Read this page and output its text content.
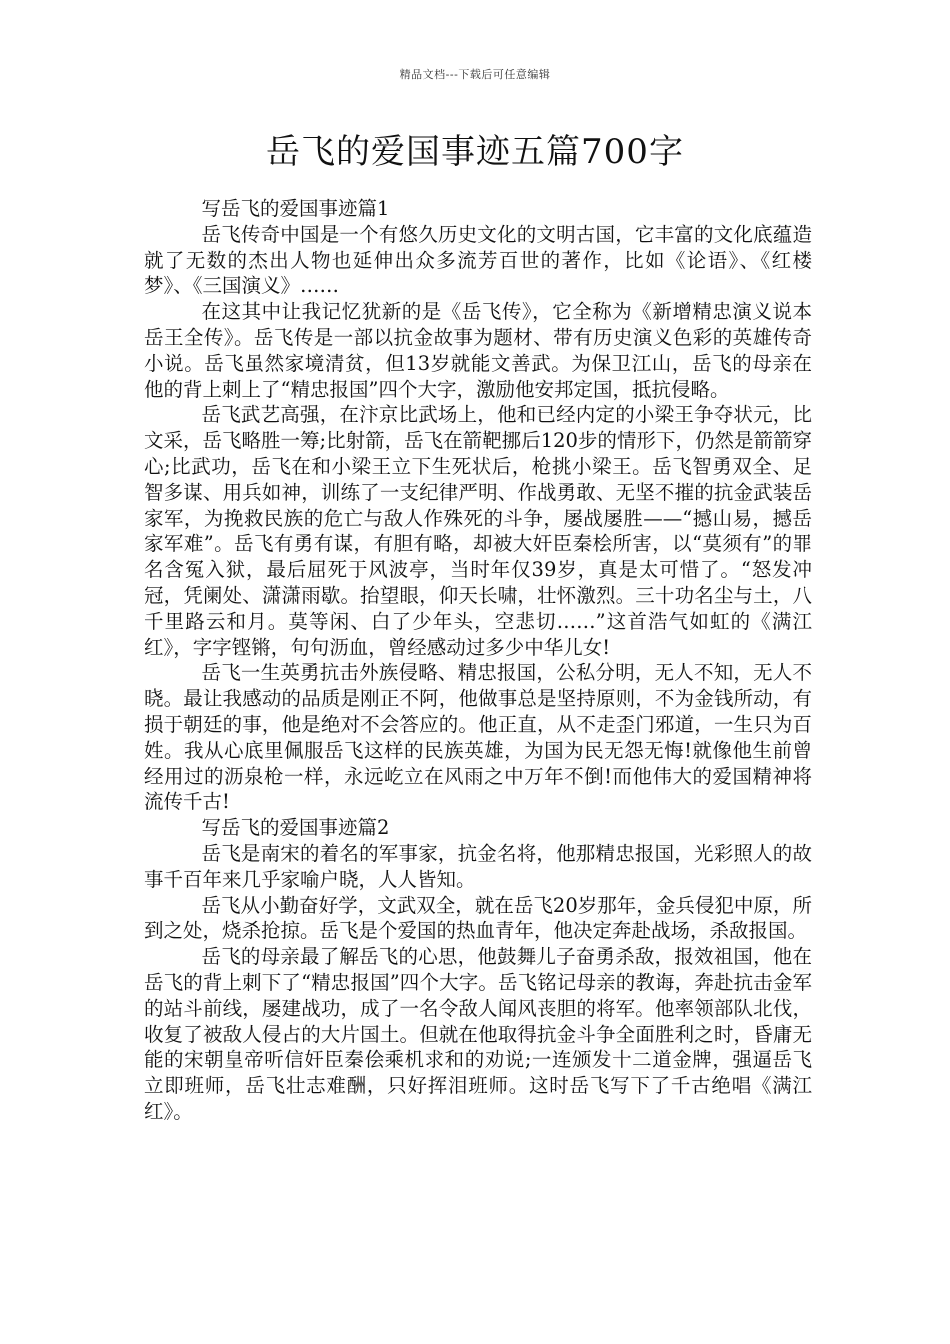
精品文档---下载后可任意编辑
岳飞的爱国事迹五篇700字

写岳飞的爱国事迹篇1

岳飞传奇中国是一个有悠久历史文化的文明古国，它丰富的文化底蕴造就了无数的杰出人物也延伸出众多流芳百世的著作，比如《论语》、《红楼梦》、《三国演义》……

在这其中让我记忆犹新的是《岳飞传》，它全称为《新增精忠演义说本岳王全传》。岳飞传是一部以抗金故事为题材、带有历史演义色彩的英雄传奇小说。岳飞虽然家境清贫，但13岁就能文善武。为保卫江山，岳飞的母亲在他的背上刺上了“精忠报国”四个大字，激励他安邦定国，抵抗侵略。

岳飞武艺高强，在汴京比武场上，他和已经内定的小梁王争夺状元，比文采，岳飞略胜一筹;比射箭，岳飞在箭靶挪后120步的情形下，仍然是箭箭穿心;比武功，岳飞在和小梁王立下生死状后，枪挑小梁王。岳飞智勇双全、足智多谋、用兵如神，训练了一支纪律严明、作战勇敢、无坚不摧的抗金武装岳家军，为挽救民族的危亡与敌人作殊死的斗争，屡战屡胜——“撼山易，撼岳家军难”。岳飞有勇有谋，有胆有略，却被大奸臣秦桧所害，以“莫须有”的罪名含冤入狱，最后屈死于风波亭，当时年仅39岁，真是太可惜了。“怒发冲冠，凭阑处、潇潇雨歇。抬望眼，仰天长啸，壮怀激烈。三十功名尘与土，八千里路云和月。莫等闲、白了少年头，空悲切……”这首浩气如虹的《满江红》，字字铿锵，句句沥血，曾经感动过多少中华儿女!

岳飞一生英勇抗击外族侵略、精忠报国，公私分明，无人不知，无人不晓。最让我感动的品质是刚正不阿，他做事总是坚持原则，不为金钱所动，有损于朝廷的事，他是绝对不会答应的。他正直，从不走歪门邪道，一生只为百姓。我从心底里佩服岳飞这样的民族英雄，为国为民无怨无悔!就像他生前曾经用过的沥泉枪一样，永远屹立在风雨之中万年不倒!而他伟大的爱国精神将流传千古!

写岳飞的爱国事迹篇2

岳飞是南宋的着名的军事家，抗金名将，他那精忠报国，光彩照人的故事千百年来几乎家喻户晓，人人皆知。

岳飞从小勤奋好学，文武双全，就在岳飞20岁那年，金兵侵犯中原，所到之处，烧杀抢掠。岳飞是个爱国的热血青年，他决定奔赴战场，杀敌报国。

岳飞的母亲最了解岳飞的心思，他鼓舞儿子奋勇杀敌，报效祖国，他在岳飞的背上刺下了“精忠报国”四个大字。岳飞铭记母亲的教诲，奔赴抗击金军的站斗前线，屡建战功，成了一名令敌人闻风丧胆的将军。他率领部队北伐，收复了被敌人侵占的大片国土。但就在他取得抗金斗争全面胜利之时，昏庸无能的宋朝皇帝听信奸臣秦侩乘机求和的劝说;一连颁发十二道金牌，强逼岳飞立即班师，岳飞壮志难酬，只好挥泪班师。这时岳飞写下了千古绝唱《满江红》。
